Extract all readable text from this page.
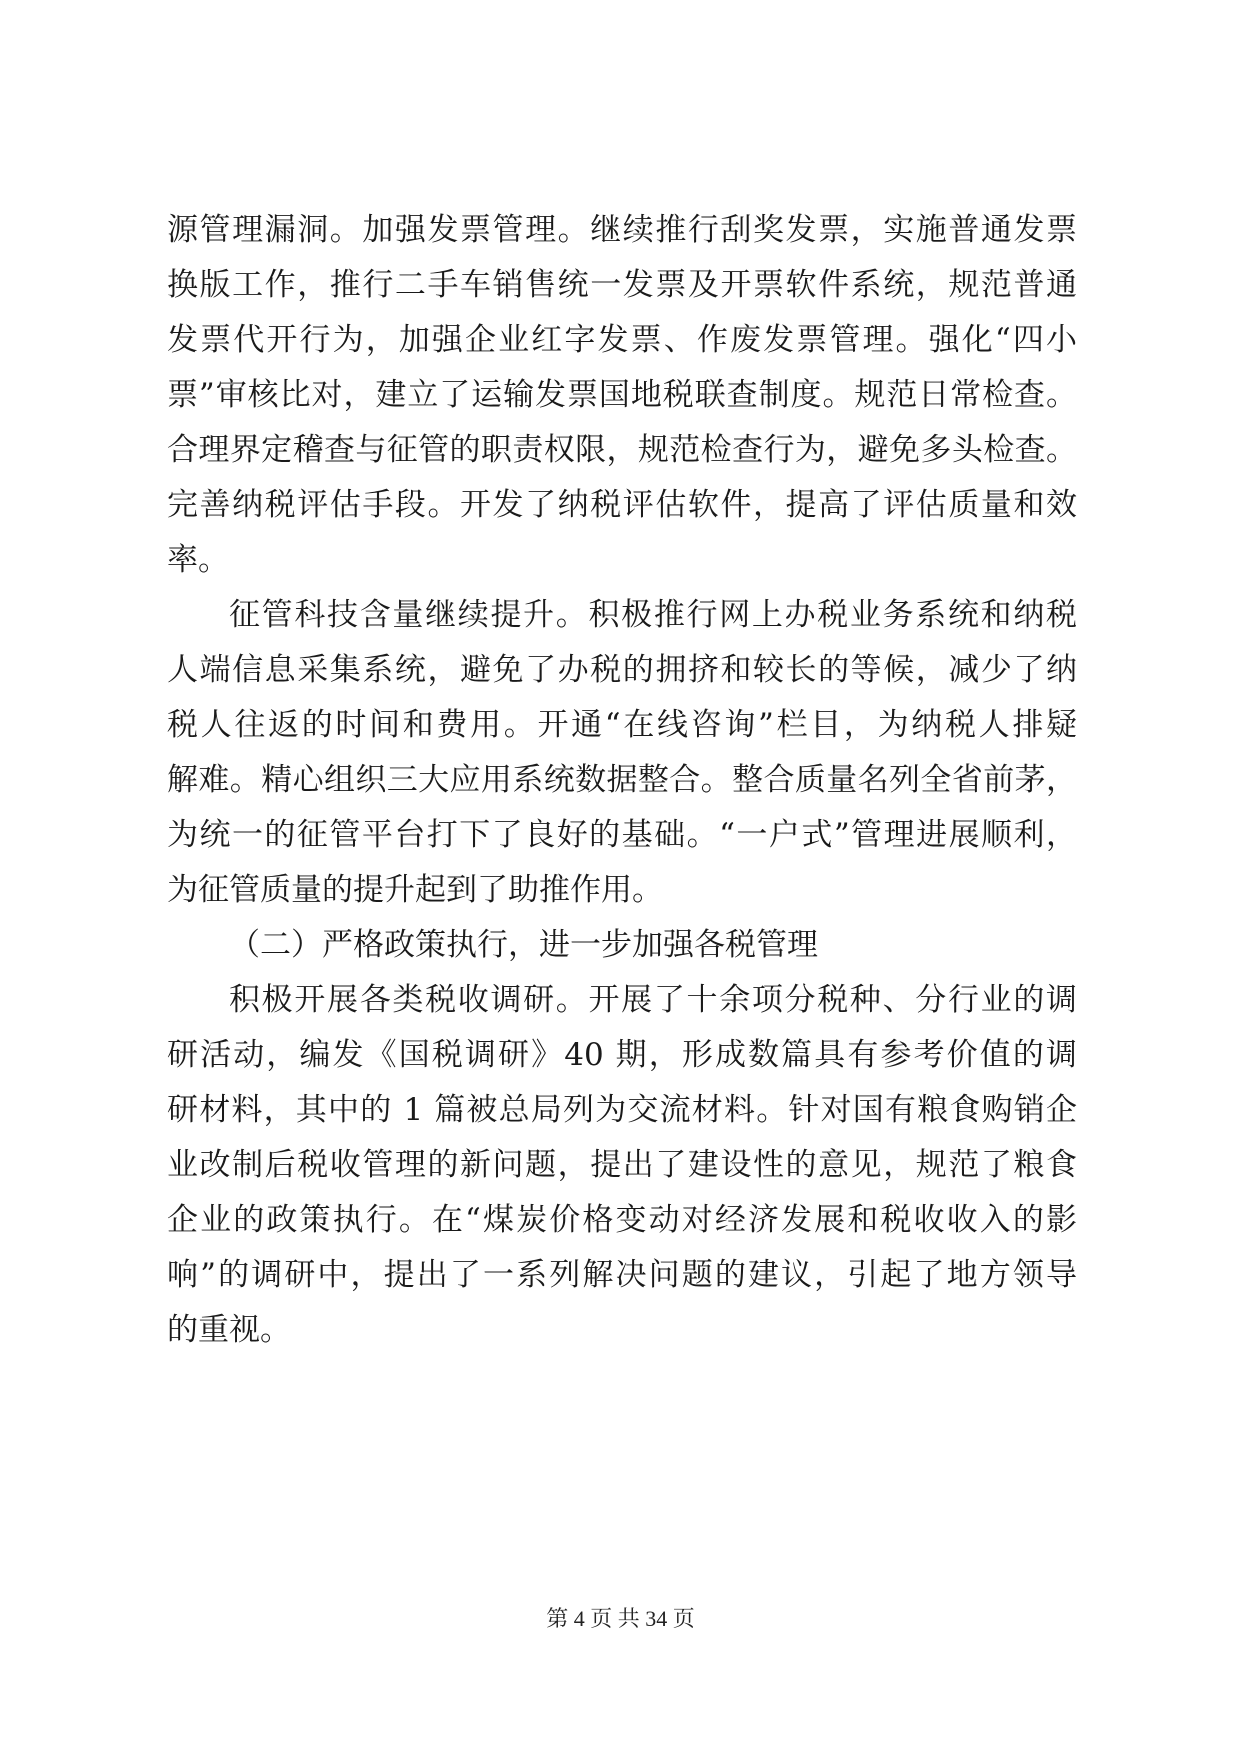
源管理漏洞。加强发票管理。继续推行刮奖发票，实施普通发票
换版工作，推行二手车销售统一发票及开票软件系统，规范普通
发票代开行为，加强企业红字发票、作废发票管理。强化“四小
票”审核比对，建立了运输发票国地税联查制度。规范日常检查。
合理界定稽查与征管的职责权限，规范检查行为，避免多头检查。
完善纳税评估手段。开发了纳税评估软件，提高了评估质量和效
率。
征管科技含量继续提升。积极推行网上办税业务系统和纳税
人端信息采集系统，避免了办税的拥挤和较长的等候，减少了纳
税人往返的时间和费用。开通“在线咨询”栏目，为纳税人排疑
解难。精心组织三大应用系统数据整合。整合质量名列全省前茅，
为统一的征管平台打下了良好的基础。“一户式”管理进展顺利，
为征管质量的提升起到了助推作用。
（二）严格政策执行，进一步加强各税管理
积极开展各类税收调研。开展了十余项分税种、分行业的调
研活动，编发《国税调研》40 期，形成数篇具有参考价值的调
研材料，其中的 1 篇被总局列为交流材料。针对国有粮食购销企
业改制后税收管理的新问题，提出了建设性的意见，规范了粮食
企业的政策执行。在“煤炭价格变动对经济发展和税收收入的影
响”的调研中，提出了一系列解决问题的建议，引起了地方领导
的重视。
第 4 页 共 34 页
